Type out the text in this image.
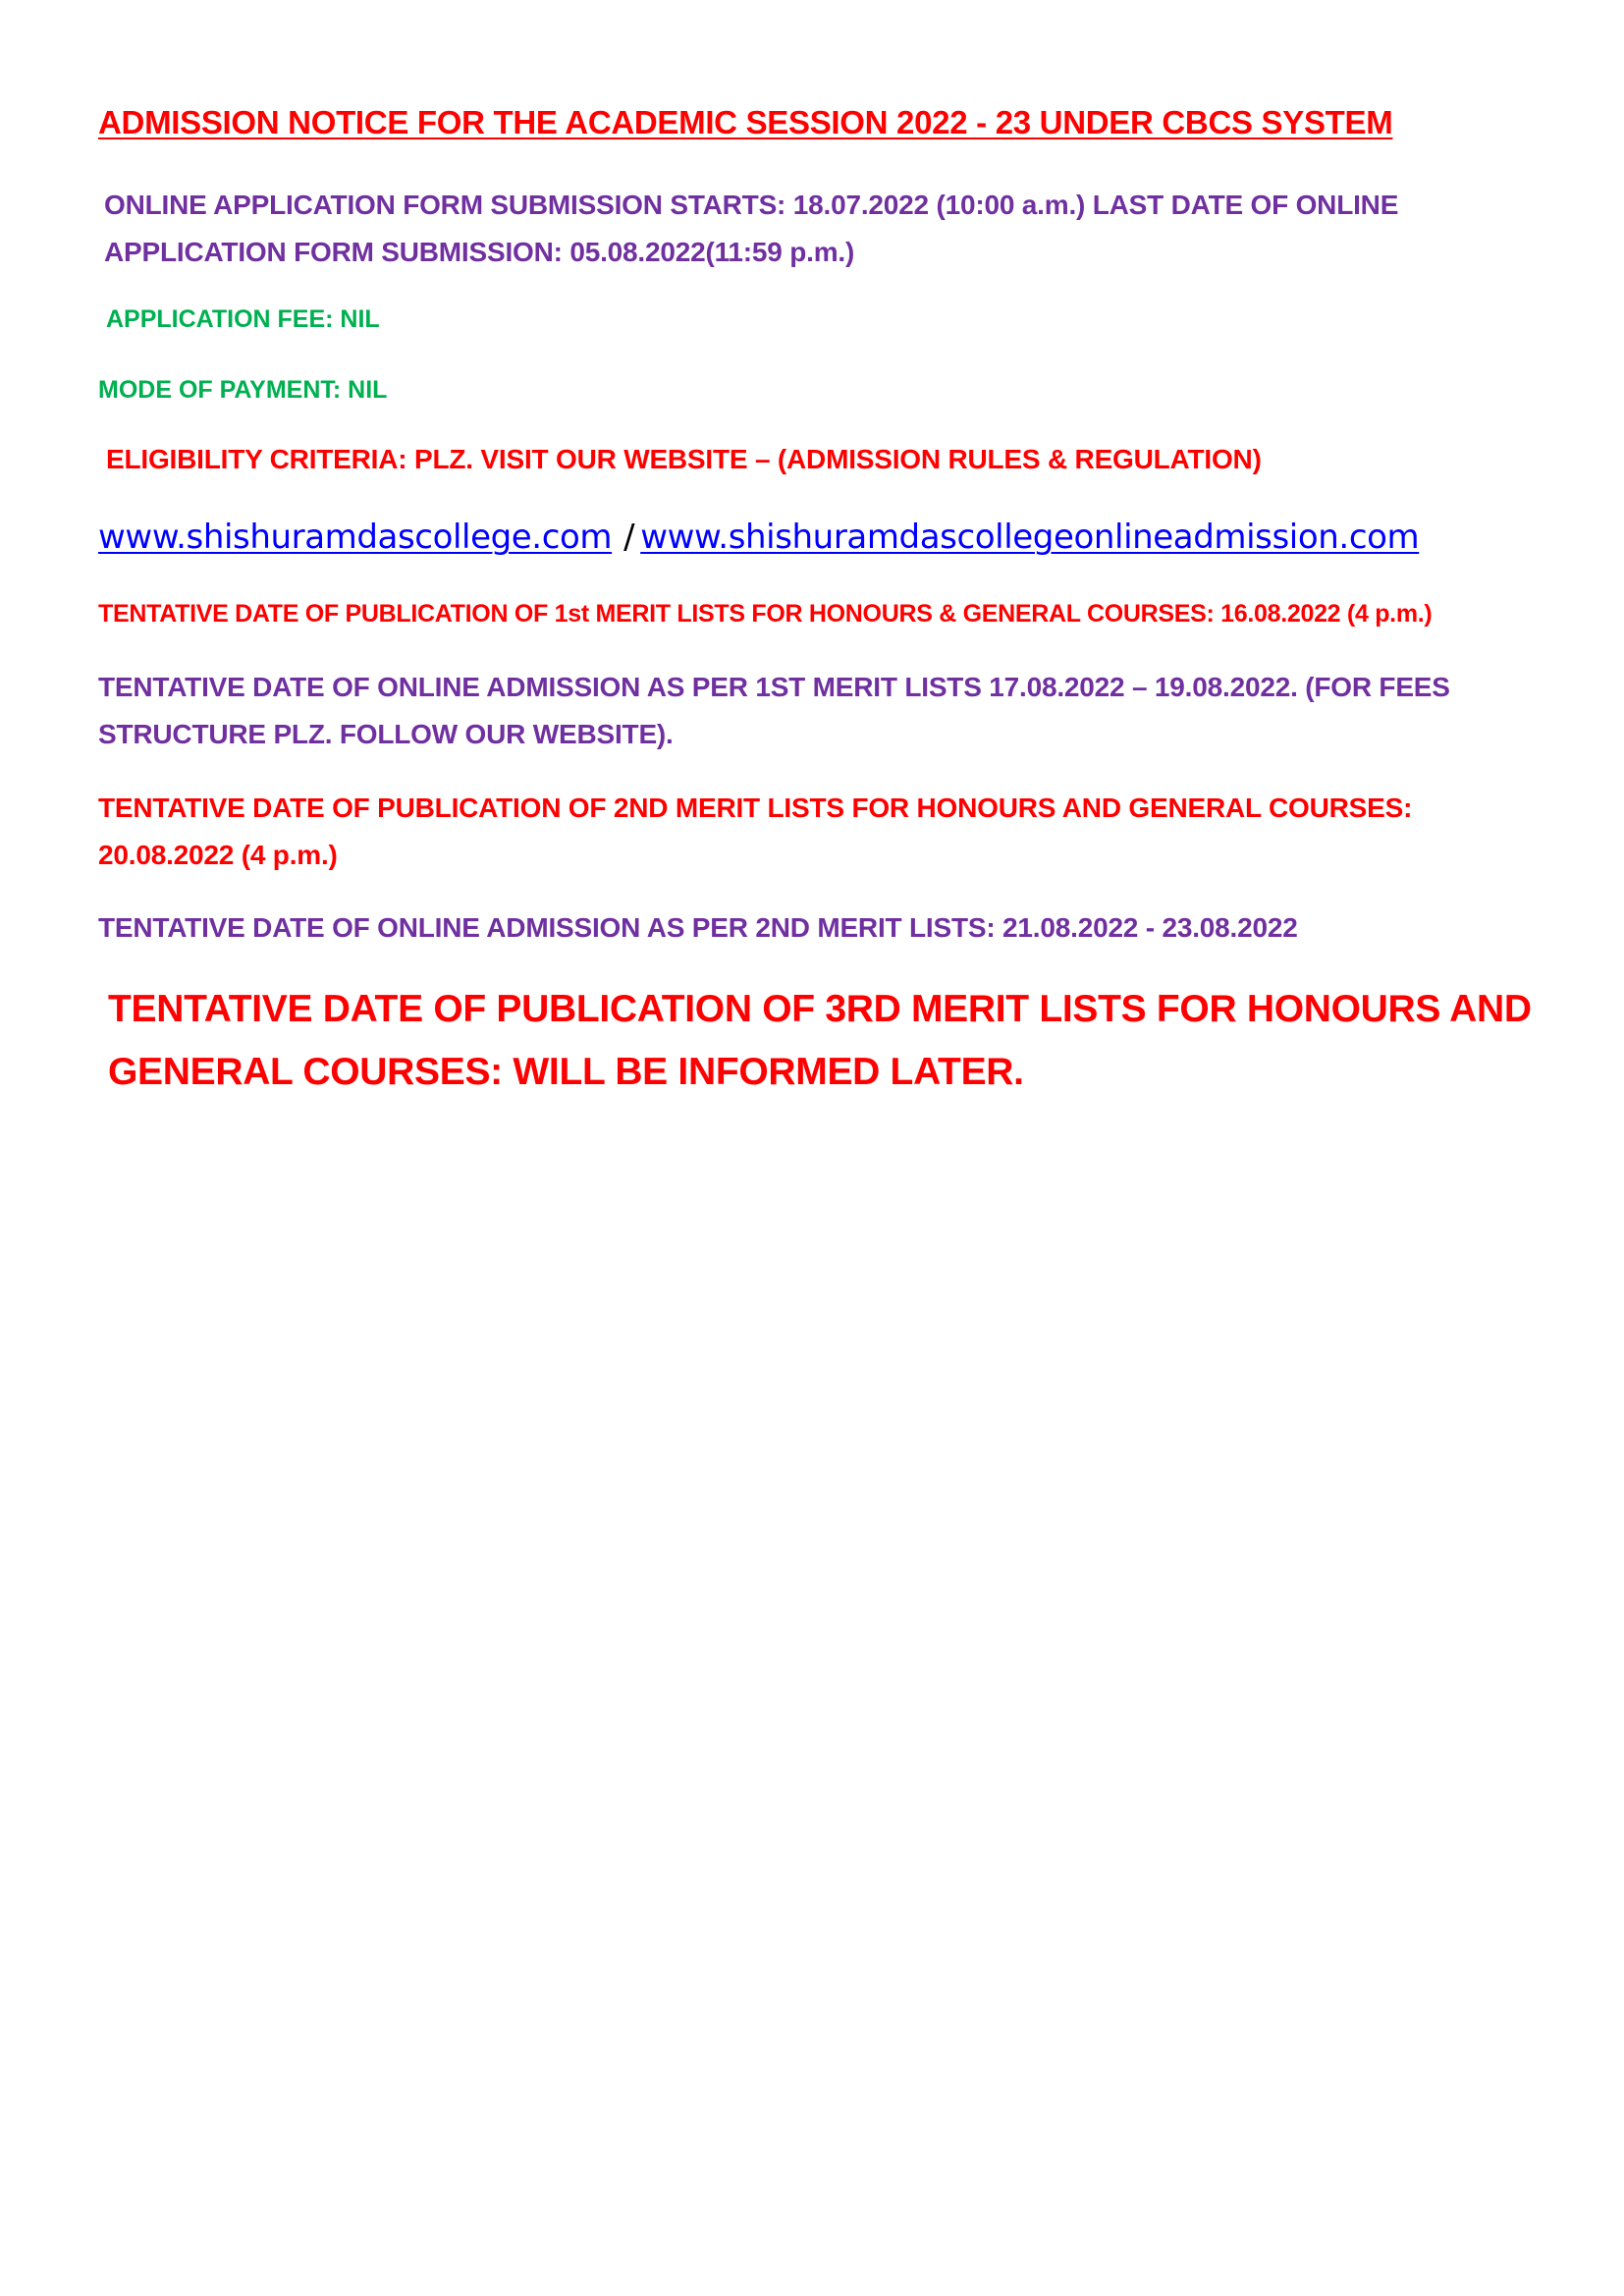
ADMISSION NOTICE FOR THE ACADEMIC SESSION 2022 - 23 UNDER CBCS SYSTEM

ONLINE APPLICATION FORM SUBMISSION STARTS: 18.07.2022 (10:00 a.m.) LAST DATE OF ONLINE APPLICATION FORM SUBMISSION: 05.08.2022(11:59 p.m.)

APPLICATION FEE: NIL

MODE OF PAYMENT: NIL

ELIGIBILITY CRITERIA: PLZ. VISIT OUR WEBSITE – (ADMISSION RULES & REGULATION)

www.shishuramdascollege.com / www.shishuramdascollegeonlineadmission.com

TENTATIVE DATE OF PUBLICATION OF 1st MERIT LISTS FOR HONOURS & GENERAL COURSES: 16.08.2022 (4 p.m.)

TENTATIVE DATE OF ONLINE ADMISSION AS PER 1ST MERIT LISTS 17.08.2022 – 19.08.2022. (FOR FEES STRUCTURE PLZ. FOLLOW OUR WEBSITE).

TENTATIVE DATE OF PUBLICATION OF 2ND MERIT LISTS FOR HONOURS AND GENERAL COURSES: 20.08.2022 (4 p.m.)

TENTATIVE DATE OF ONLINE ADMISSION AS PER 2ND MERIT LISTS: 21.08.2022 - 23.08.2022

TENTATIVE DATE OF PUBLICATION OF 3RD MERIT LISTS FOR HONOURS AND GENERAL COURSES: WILL BE INFORMED LATER.
